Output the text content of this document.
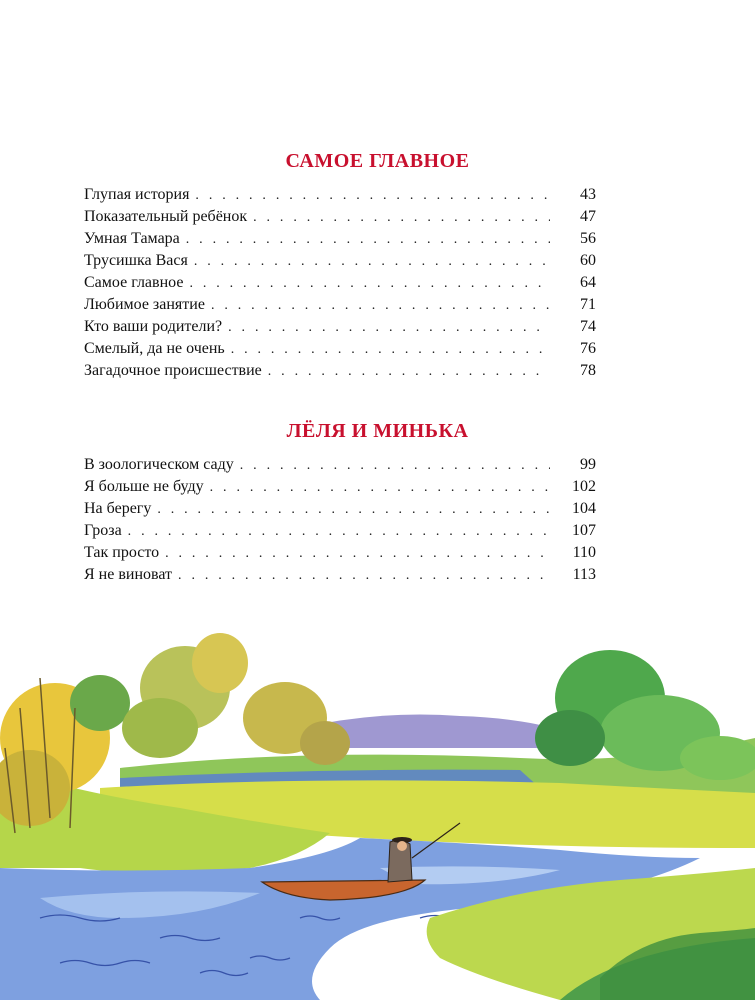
САМОЕ ГЛАВНОЕ
Глупая история . . .	43
Показательный ребёнок . . .	47
Умная Тамара . . .	56
Трусишка Вася . . .	60
Самое главное . . .	64
Любимое занятие . . .	71
Кто ваши родители? . . .	74
Смелый, да не очень . . .	76
Загадочное происшествие . . .	78
ЛЁЛЯ И МИНЬКА
В зоологическом саду . . .	99
Я больше не буду . . .	102
На берегу . . .	104
Гроза . . .	107
Так просто . . .	110
Я не виноват . . .	113
